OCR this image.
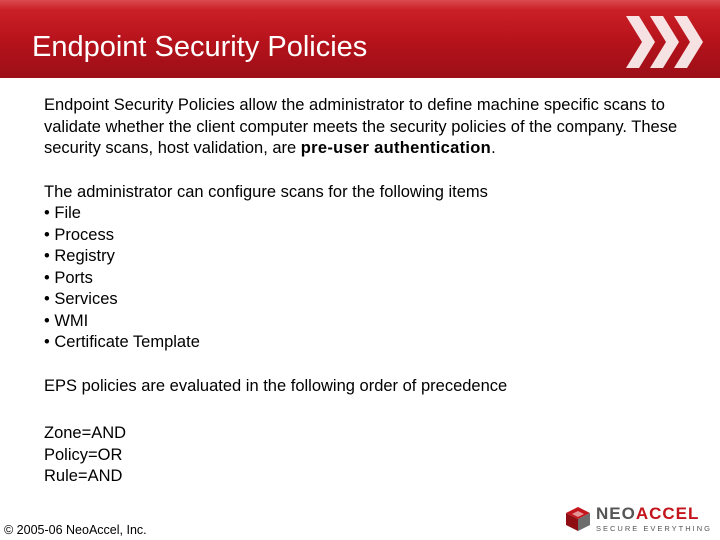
Endpoint Security Policies

Endpoint Security Policies allow the administrator to define machine specific scans to validate whether the client computer meets the security policies of the company. These security scans, host validation, are pre-user authentication.

The administrator can configure scans for the following items

• File
• Process
• Registry
• Ports
• Services
• WMI
• Certificate Template

EPS policies are evaluated in the following order of precedence

Zone=AND

Policy=OR

Rule=AND

© 2005-06 NeoAccel, Inc.
NEOACCEL
SECURE EVERYTHING
